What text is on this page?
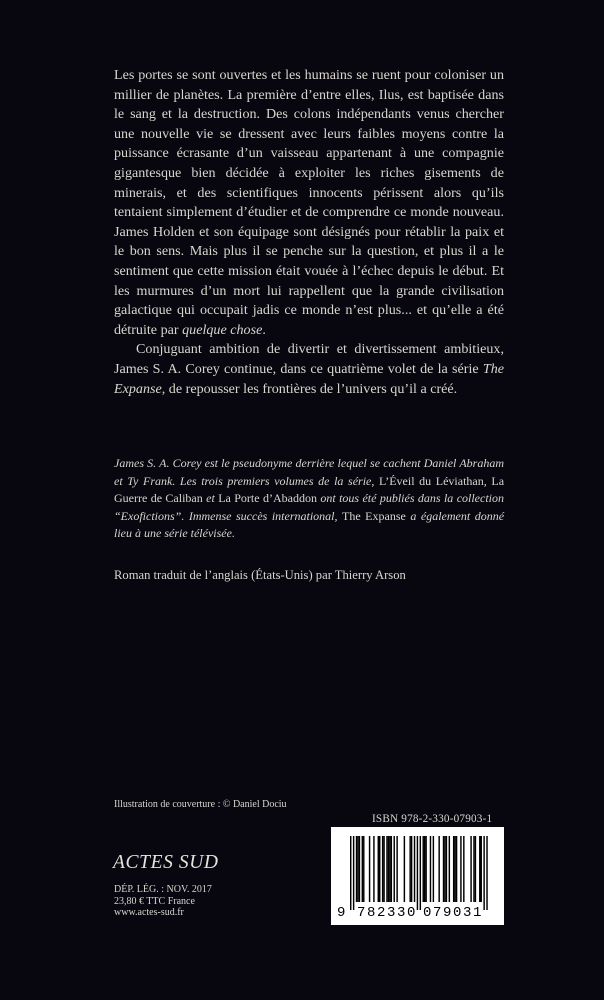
Les portes se sont ouvertes et les humains se ruent pour coloniser un millier de planètes. La première d’entre elles, Ilus, est baptisée dans le sang et la destruction. Des colons indépendants venus chercher une nouvelle vie se dressent avec leurs faibles moyens contre la puissance écrasante d’un vaisseau appartenant à une compagnie gigantesque bien décidée à exploiter les riches gisements de minerais, et des scientifiques innocents périssent alors qu’ils tentaient simplement d’étudier et de comprendre ce monde nouveau. James Holden et son équipage sont désignés pour rétablir la paix et le bon sens. Mais plus il se penche sur la question, et plus il a le sentiment que cette mission était vouée à l’échec depuis le début. Et les murmures d’un mort lui rappellent que la grande civilisation galactique qui occupait jadis ce monde n’est plus... et qu’elle a été détruite par quelque chose.

Conjuguant ambition de divertir et divertissement ambitieux, James S. A. Corey continue, dans ce quatrième volet de la série The Expanse, de repousser les frontières de l’univers qu’il a créé.

James S. A. Corey est le pseudonyme derrière lequel se cachent Daniel Abraham et Ty Frank. Les trois premiers volumes de la série, L’Éveil du Léviathan, La Guerre de Caliban et La Porte d’Abaddon ont tous été publiés dans la collection “Exofictions”. Immense succès international, The Expanse a également donné lieu à une série télévisée.
Roman traduit de l’anglais (États-Unis) par Thierry Arson
Illustration de couverture : © Daniel Dociu
ISBN 978-2-330-07903-1
9 782330 079031
ACTES SUD
DÉP. LÉG. : NOV. 2017
23,80 € TTC France
www.actes-sud.fr
